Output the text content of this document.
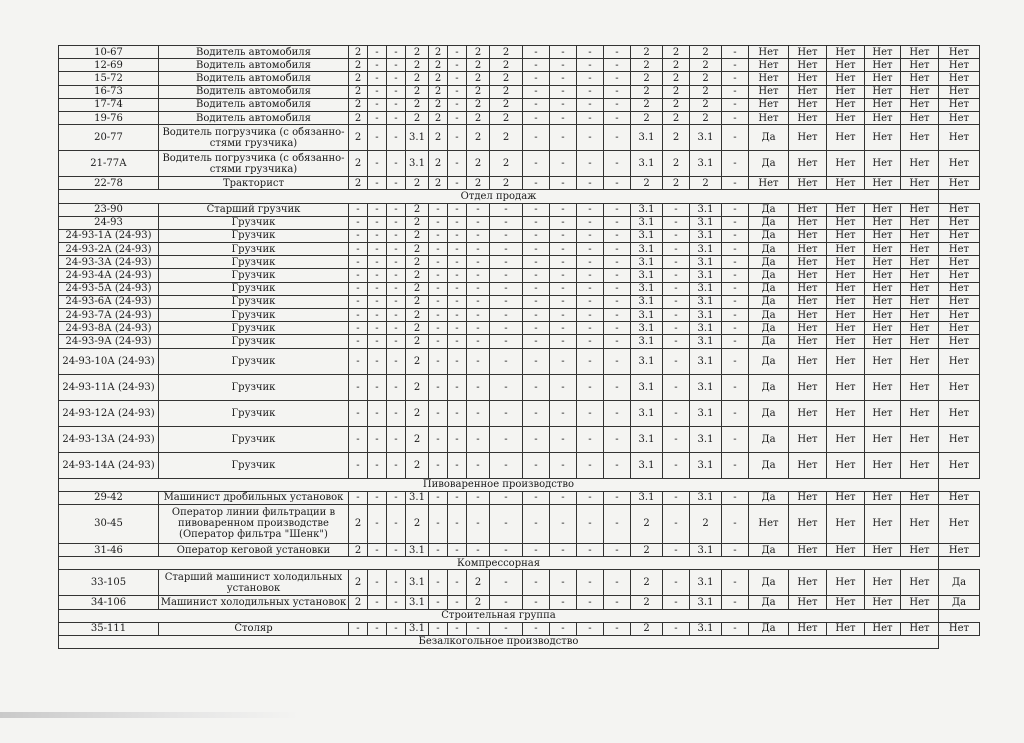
10-67	Водитель автомобиля	2	-	-	2	2	-	2	2	-	-	-	-	2	2	2	-	Нет	Нет	Нет	Нет	Нет	Нет
12-69	Водитель автомобиля	2	-	-	2	2	-	2	2	-	-	-	-	2	2	2	-	Нет	Нет	Нет	Нет	Нет	Нет
15-72	Водитель автомобиля	2	-	-	2	2	-	2	2	-	-	-	-	2	2	2	-	Нет	Нет	Нет	Нет	Нет	Нет
16-73	Водитель автомобиля	2	-	-	2	2	-	2	2	-	-	-	-	2	2	2	-	Нет	Нет	Нет	Нет	Нет	Нет
17-74	Водитель автомобиля	2	-	-	2	2	-	2	2	-	-	-	-	2	2	2	-	Нет	Нет	Нет	Нет	Нет	Нет
19-76	Водитель автомобиля	2	-	-	2	2	-	2	2	-	-	-	-	2	2	2	-	Нет	Нет	Нет	Нет	Нет	Нет
20-77	Водитель погрузчика (с обязанно-стями грузчика)	2	-	-	3.1	2	-	2	2	-	-	-	-	3.1	2	3.1	-	Да	Нет	Нет	Нет	Нет	Нет
21-77А	Водитель погрузчика (с обязанно-стями грузчика)	2	-	-	3.1	2	-	2	2	-	-	-	-	3.1	2	3.1	-	Да	Нет	Нет	Нет	Нет	Нет
22-78	Тракторист	2	-	-	2	2	-	2	2	-	-	-	-	2	2	2	-	Нет	Нет	Нет	Нет	Нет	Нет
Отдел продаж																							
23-90	Старший грузчик	-	-	-	2	-	-	-	-	-	-	-	-	3.1	-	3.1	-	Да	Нет	Нет	Нет	Нет	Нет
24-93	Грузчик	-	-	-	2	-	-	-	-	-	-	-	-	3.1	-	3.1	-	Да	Нет	Нет	Нет	Нет	Нет
24-93-1А (24-93)	Грузчик	-	-	-	2	-	-	-	-	-	-	-	-	3.1	-	3.1	-	Да	Нет	Нет	Нет	Нет	Нет
24-93-2А (24-93)	Грузчик	-	-	-	2	-	-	-	-	-	-	-	-	3.1	-	3.1	-	Да	Нет	Нет	Нет	Нет	Нет
24-93-3А (24-93)	Грузчик	-	-	-	2	-	-	-	-	-	-	-	-	3.1	-	3.1	-	Да	Нет	Нет	Нет	Нет	Нет
24-93-4А (24-93)	Грузчик	-	-	-	2	-	-	-	-	-	-	-	-	3.1	-	3.1	-	Да	Нет	Нет	Нет	Нет	Нет
24-93-5А (24-93)	Грузчик	-	-	-	2	-	-	-	-	-	-	-	-	3.1	-	3.1	-	Да	Нет	Нет	Нет	Нет	Нет
24-93-6А (24-93)	Грузчик	-	-	-	2	-	-	-	-	-	-	-	-	3.1	-	3.1	-	Да	Нет	Нет	Нет	Нет	Нет
24-93-7А (24-93)	Грузчик	-	-	-	2	-	-	-	-	-	-	-	-	3.1	-	3.1	-	Да	Нет	Нет	Нет	Нет	Нет
24-93-8А (24-93)	Грузчик	-	-	-	2	-	-	-	-	-	-	-	-	3.1	-	3.1	-	Да	Нет	Нет	Нет	Нет	Нет
24-93-9А (24-93)	Грузчик	-	-	-	2	-	-	-	-	-	-	-	-	3.1	-	3.1	-	Да	Нет	Нет	Нет	Нет	Нет
24-93-10А (24-93)	Грузчик	-	-	-	2	-	-	-	-	-	-	-	-	3.1	-	3.1	-	Да	Нет	Нет	Нет	Нет	Нет
24-93-11А (24-93)	Грузчик	-	-	-	2	-	-	-	-	-	-	-	-	3.1	-	3.1	-	Да	Нет	Нет	Нет	Нет	Нет
24-93-12А (24-93)	Грузчик	-	-	-	2	-	-	-	-	-	-	-	-	3.1	-	3.1	-	Да	Нет	Нет	Нет	Нет	Нет
24-93-13А (24-93)	Грузчик	-	-	-	2	-	-	-	-	-	-	-	-	3.1	-	3.1	-	Да	Нет	Нет	Нет	Нет	Нет
24-93-14А (24-93)	Грузчик	-	-	-	2	-	-	-	-	-	-	-	-	3.1	-	3.1	-	Да	Нет	Нет	Нет	Нет	Нет
Пивоваренное производство																							
29-42	Машинист дробильных установок	-	-	-	3.1	-	-	-	-	-	-	-	-	3.1	-	3.1	-	Да	Нет	Нет	Нет	Нет	Нет
30-45	Оператор линии фильтрации в пивоваренном производстве (Оператор фильтра "Шенк")	2	-	-	2	-	-	-	-	-	-	-	-	2	-	2	-	Нет	Нет	Нет	Нет	Нет	Нет
31-46	Оператор кеговой установки	2	-	-	3.1	-	-	-	-	-	-	-	-	2	-	3.1	-	Да	Нет	Нет	Нет	Нет	Нет
Компрессорная																							
33-105	Старший машинист холодильных установок	2	-	-	3.1	-	-	2	-	-	-	-	-	2	-	3.1	-	Да	Нет	Нет	Нет	Нет	Да
34-106	Машинист холодильных установок	2	-	-	3.1	-	-	2	-	-	-	-	-	2	-	3.1	-	Да	Нет	Нет	Нет	Нет	Да
Строительная группа																							
35-111	Столяр	-	-	-	3.1	-	-	-	-	-	-	-	-	2	-	3.1	-	Да	Нет	Нет	Нет	Нет	Нет
Безалкогольное производство																							
